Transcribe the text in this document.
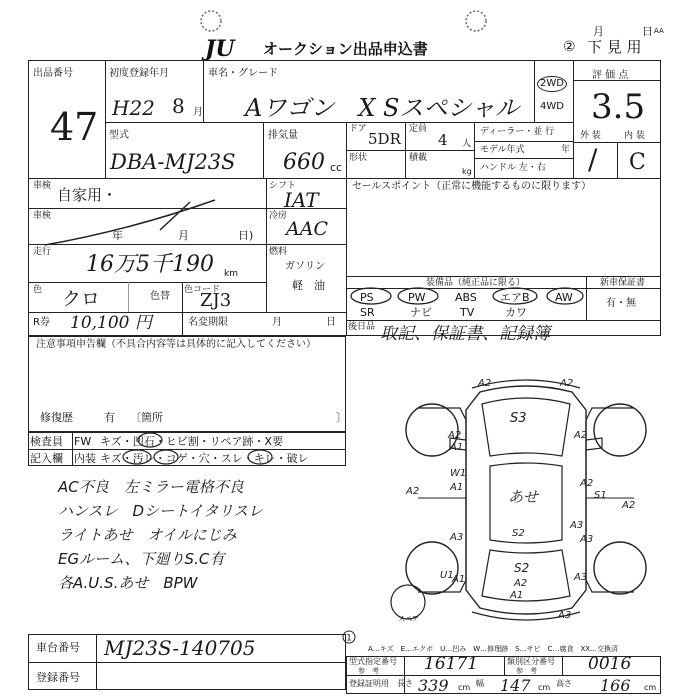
JU オークション出品申込書
月	日 AA
② 下 見 用
出品番号
47
初度登録年月
H22 8 月
車名・グレード
Aワゴン　X Sスペシャル
2WD
4WD
評 価 点
3.5
型式
DBA-MJ23S
排気量
660 cc
ドア
5DR
定員
4 人
形状	積載
kg
ディーラー・並 行
モデル年式	年
ハンドル 左・右
外 装	内 装
/ C
車検 自家用・
車検
年	月	日)
走行 16万5千190 km
色 クロ	色替
色コード
ZJ3
シフト
IAT
冷房
AAC
燃料
ガソリン
軽　油
セールスポイント（正常に機能するものに限ります）
装備品（純正品に限る）	新車保証書
有・無
PS	PW	ABS エアB AW
SR	ナビ	TV	カワ
後日品 取記、保証書、記録簿
R券 10,100 円	名変期限	月	日
注意事項申告欄（不具合内容等は具体的に記入してください）
修復歴	有 〔箇所	〕
検査員 FW キズ・凹石・ヒビ割・リペア跡・X要
記入欄 内装 キズ・汚レ・コゲ・穴・スレ・キレ・破レ
AC不良　左ミラー電格不良
ハンスレ　Dシートイタリスレ
ライトあせ　オイルにじみ
EGルーム、下廻りS.C有
各A.U.S.あせ　BPW
車台番号 MJ23S-140705
登録番号
1
A…キズ　E…エクボ　U…凹み　W…修理跡　S…サビ　C…腐食　XX…交換済
型式指定番号
参　考	16171	類別区分番号
参　考	0016
登録証明用　長さ 339 cm 幅 147 cm 高さ 166 cm
A2	A2
S3
A2
A1
A2
W1
A1
A2	あせ
A2
S1
A2
A3	S2
A3
A3
U1
A1
S2
A2
A1
A3
A3
スペア
